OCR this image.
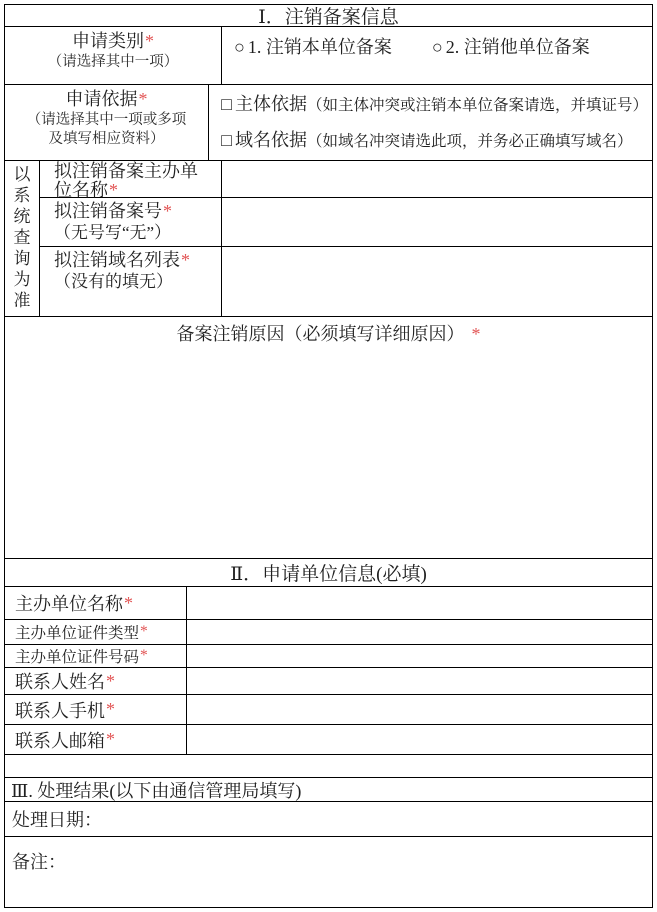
Ⅰ．注销备案信息
申请类别*
（请选择其中一项）
○ 1. 注销本单位备案 ○ 2. 注销他单位备案
申请依据*
（请选择其中一项或多项
及填写相应资料）
□ 主体依据（如主体冲突或注销本单位备案请选，并填证号）
□ 域名依据（如域名冲突请选此项，并务必正确填写域名）
以
系
统
查
询
为
准
拟注销备案主办单位名称*
拟注销备案号*
（无号写“无”）
拟注销域名列表*
（没有的填无）
备案注销原因（必须填写详细原因） *
Ⅱ．申请单位信息(必填)
主办单位名称 *
主办单位证件类型 *
主办单位证件号码 *
联系人姓名 *
联系人手机 *
联系人邮箱 *
Ⅲ. 处理结果(以下由通信管理局填写)
处理日期：
备注：
